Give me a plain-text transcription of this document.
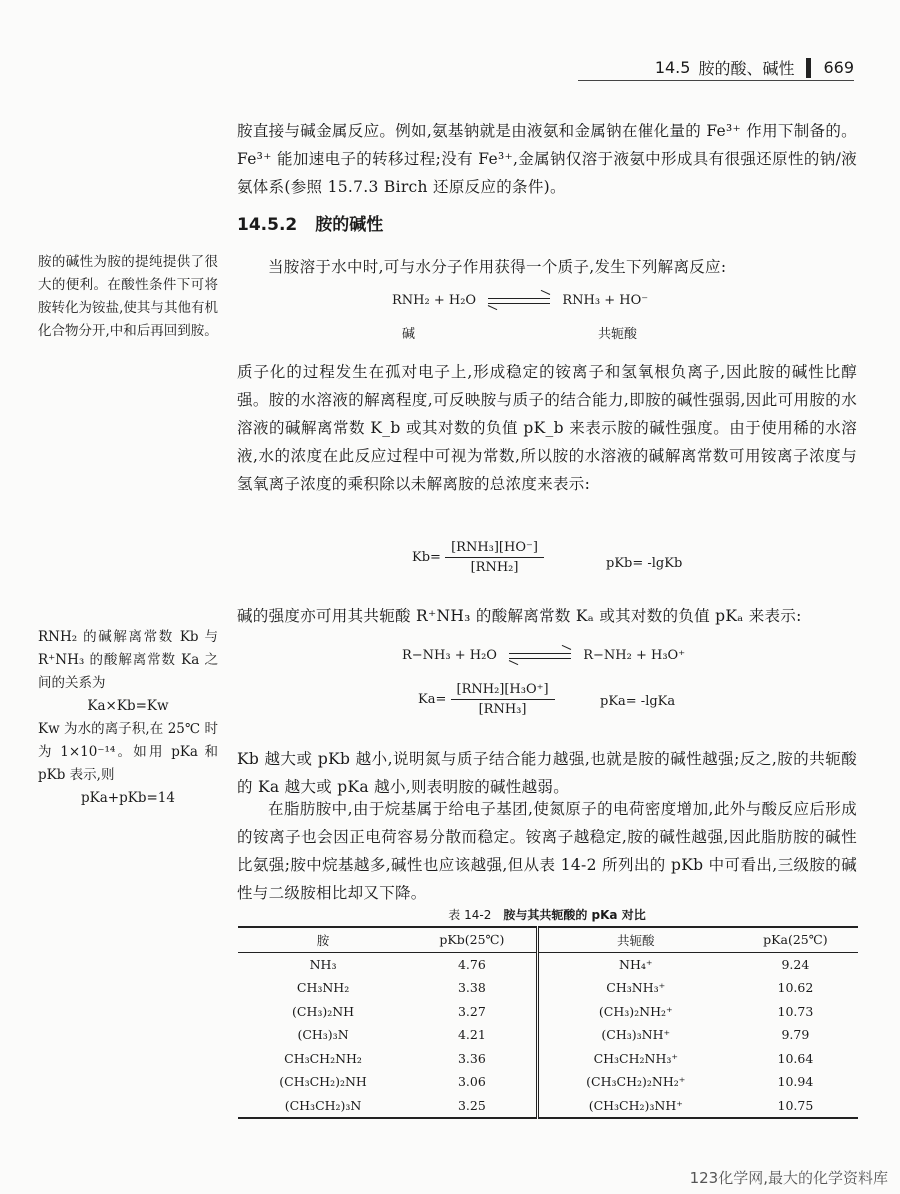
14.5 胺的酸、碱性 669
胺直接与碱金属反应。例如,氨基钠就是由液氨和金属钠在催化量的 Fe³⁺ 作用下制备的。Fe³⁺ 能加速电子的转移过程;没有 Fe³⁺,金属钠仅溶于液氨中形成具有很强还原性的钠/液氨体系(参照 15.7.3 Birch 还原反应的条件)。
14.5.2 胺的碱性
胺的碱性为胺的提纯提供了很大的便利。在酸性条件下可将胺转化为铵盐,使其与其他有机化合物分开,中和后再回到胺。
当胺溶于水中时,可与水分子作用获得一个质子,发生下列解离反应:
RNH₂ + H₂O	RNH₃ + HO⁻
碱	共轭酸
质子化的过程发生在孤对电子上,形成稳定的铵离子和氢氧根负离子,因此胺的碱性比醇强。胺的水溶液的解离程度,可反映胺与质子的结合能力,即胺的碱性强弱,因此可用胺的水溶液的碱解离常数 K_b 或其对数的负值 pK_b 来表示胺的碱性强度。由于使用稀的水溶液,水的浓度在此反应过程中可视为常数,所以胺的水溶液的碱解离常数可用铵离子浓度与氢氧离子浓度的乘积除以未解离胺的总浓度来表示:
$Kb= \frac{\text{[RNH₃][HO⁻]}}{\text{[RNH₂]}}$	pKb= -lgKb
碱的强度亦可用其共轭酸 R⁺NH₃ 的酸解离常数 Kₐ 或其对数的负值 pKₐ 来表示:
RNH₂ 的碱解离常数 Kb 与 R⁺NH₃ 的酸解离常数 Ka 之间的关系为
Ka×Kb=Kw
Kw 为水的离子积,在 25℃ 时为 1×10⁻¹⁴。如用 pKa 和 pKb 表示,则
pKa+pKb=14
R−NH₃ + H₂O	R−NH₂ + H₃O⁺
$Ka= \frac{\text{[RNH₂][H₃O⁺]}}{\text{[RNH₃]}}$	pKa= -lgKa
Kb 越大或 pKb 越小,说明氮与质子结合能力越强,也就是胺的碱性越强;反之,胺的共轭酸的 Ka 越大或 pKa 越小,则表明胺的碱性越弱。
在脂肪胺中,由于烷基属于给电子基团,使氮原子的电荷密度增加,此外与酸反应后形成的铵离子也会因正电荷容易分散而稳定。铵离子越稳定,胺的碱性越强,因此脂肪胺的碱性比氨强;胺中烷基越多,碱性也应该越强,但从表 14-2 所列出的 pKb 中可看出,三级胺的碱性与二级胺相比却又下降。
表 14-2 胺与其共轭酸的 pKa 对比
胺	pKb(25℃)	共轭酸	pKa(25℃)
NH₃	4.76	NH₄⁺	9.24
CH₃NH₂	3.38	CH₃NH₃⁺	10.62
(CH₃)₂NH	3.27	(CH₃)₂NH₂⁺	10.73
(CH₃)₃N	4.21	(CH₃)₃NH⁺	9.79
CH₃CH₂NH₂	3.36	CH₃CH₂NH₃⁺	10.64
(CH₃CH₂)₂NH	3.06	(CH₃CH₂)₂NH₂⁺	10.94
(CH₃CH₂)₃N	3.25	(CH₃CH₂)₃NH⁺	10.75
123化学网,最大的化学资料库
